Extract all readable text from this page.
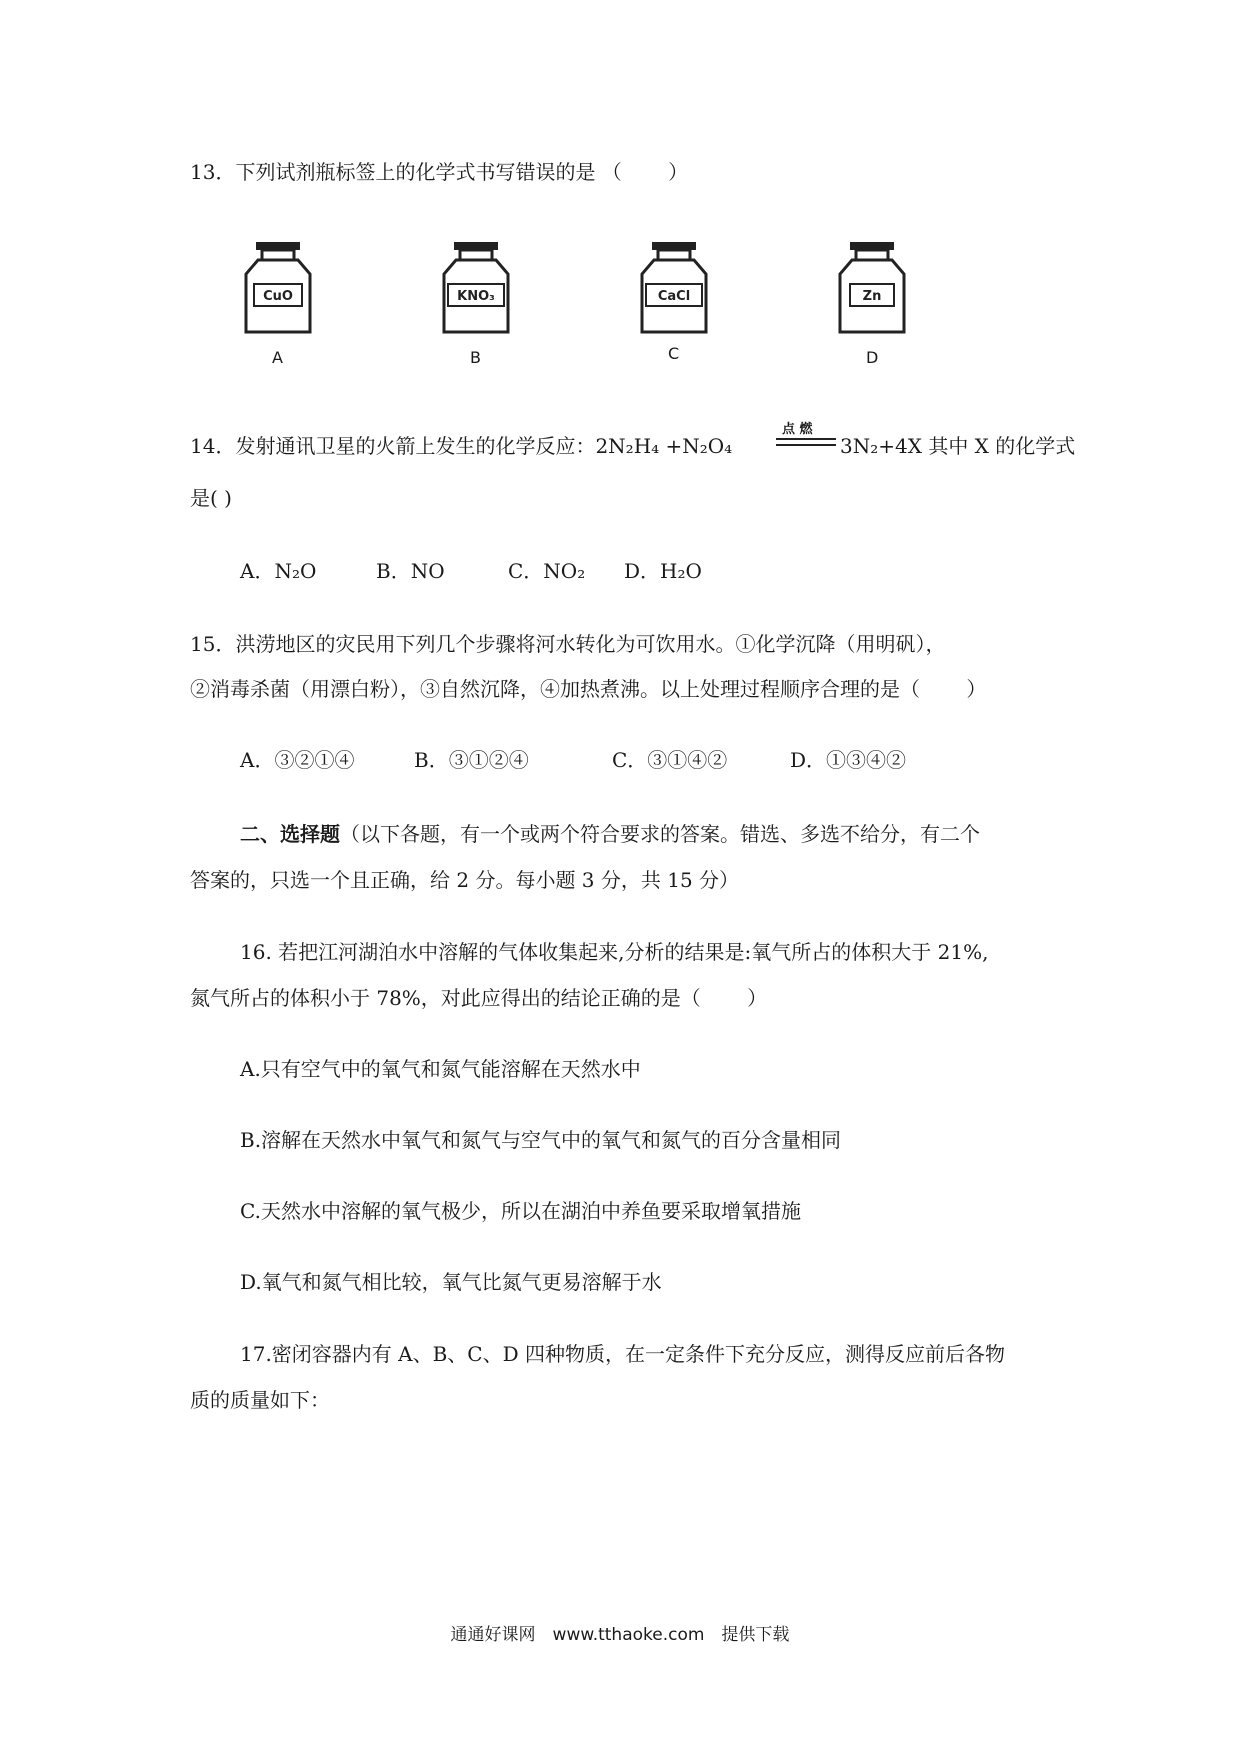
13．下列试剂瓶标签上的化学式书写错误的是 （　　 ）
CuO
A
KNO₃
B
CaCl
C
Zn
D
14．发射通讯卫星的火箭上发生的化学反应：2N₂H₄ +N₂O₄
点 燃
3N₂+4X 其中 X 的化学式
是( )
A．N₂O	B．NO	C．NO₂ D．H₂O
15．洪涝地区的灾民用下列几个步骤将河水转化为可饮用水。①化学沉降（用明矾），
②消毒杀菌（用漂白粉），③自然沉降，④加热煮沸。以上处理过程顺序合理的是（　　 ）
A．③②①④	B．③①②④	C．③①④②	D．①③④②
二、选择题（以下各题，有一个或两个符合要求的答案。错选、多选不给分，有二个
答案的，只选一个且正确，给 2 分。每小题 3 分，共 15 分）
16. 若把江河湖泊水中溶解的气体收集起来,分析的结果是:氧气所占的体积大于 21%,
氮气所占的体积小于 78%，对此应得出的结论正确的是（　　 ）
A.只有空气中的氧气和氮气能溶解在天然水中
B.溶解在天然水中氧气和氮气与空气中的氧气和氮气的百分含量相同
C.天然水中溶解的氧气极少，所以在湖泊中养鱼要采取增氧措施
D.氧气和氮气相比较，氧气比氮气更易溶解于水
17.密闭容器内有 A、B、C、D 四种物质，在一定条件下充分反应，测得反应前后各物
质的质量如下：
通通好课网　www.tthaoke.com　提供下载
